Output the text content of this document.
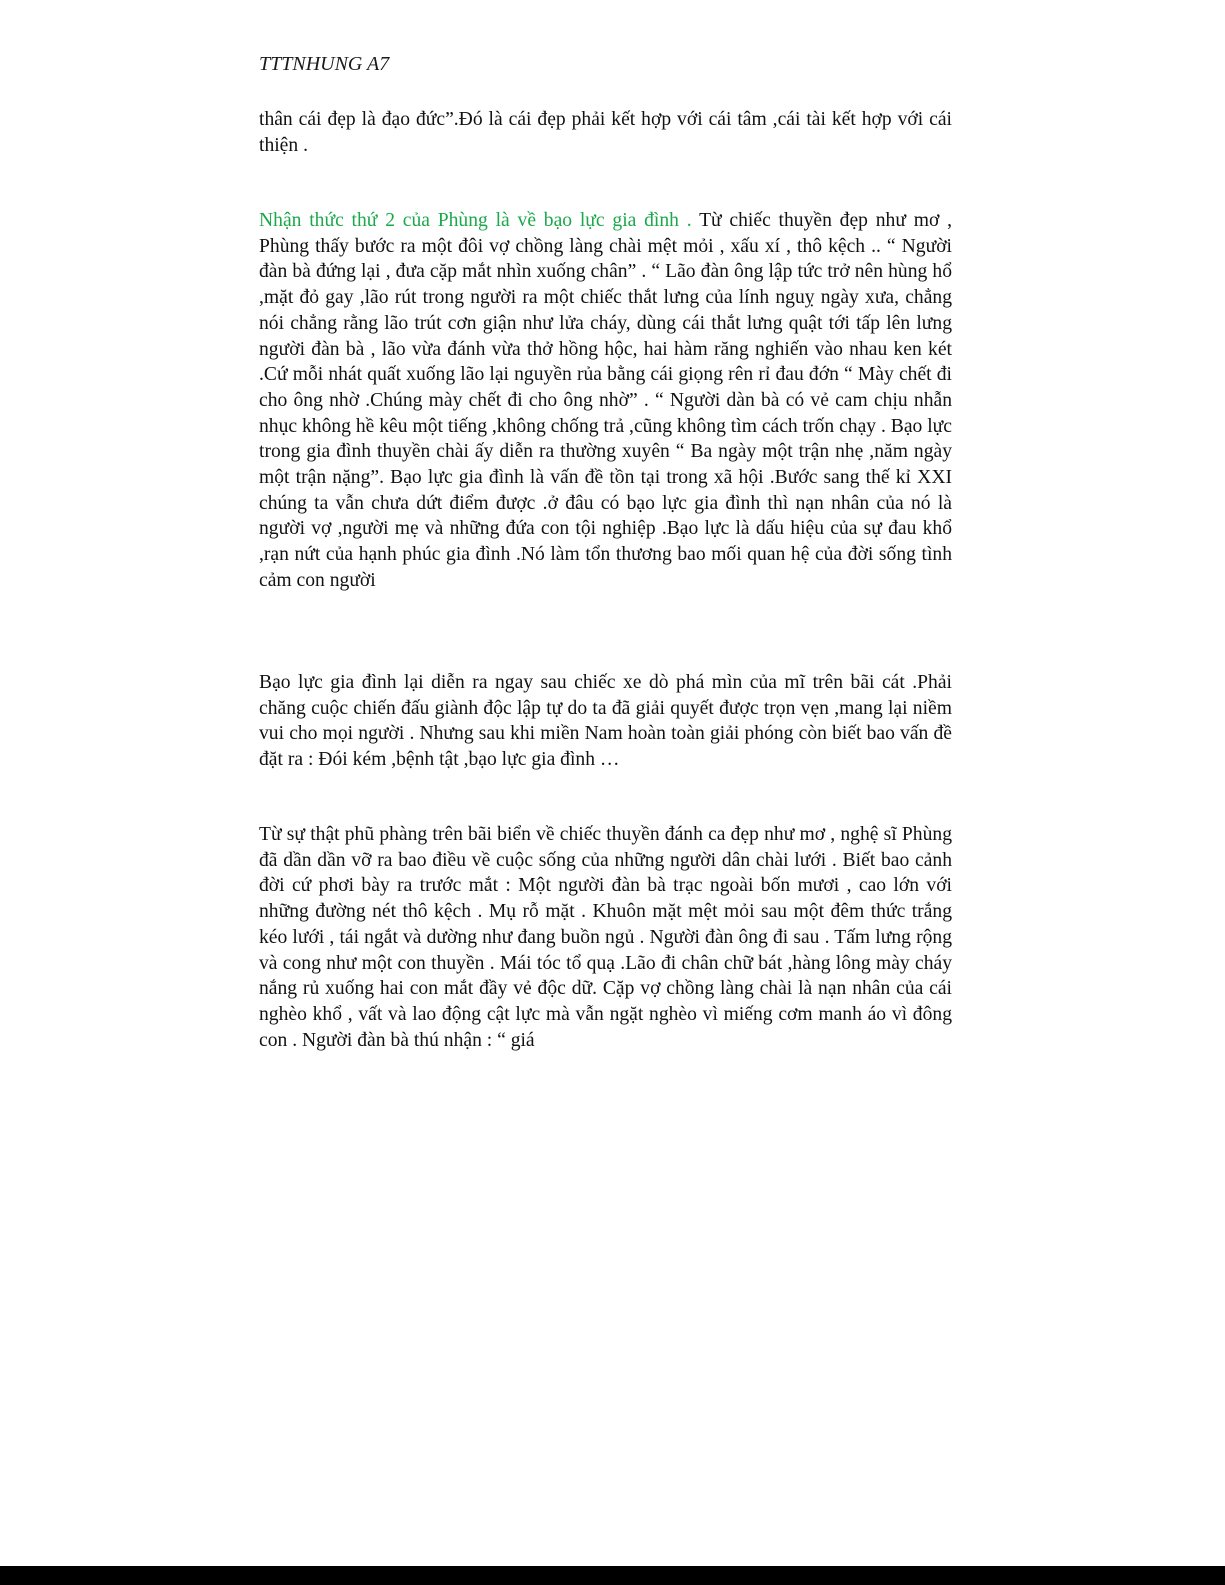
TTTNHUNG A7

thân cái đẹp là đạo đức”.Đó là cái đẹp phải kết hợp với cái tâm ,cái tài kết hợp với cái thiện .

Nhận thức thứ 2 của Phùng là về bạo lực gia đình . Từ chiếc thuyền đẹp như mơ , Phùng thấy bước ra một đôi vợ chồng làng chài mệt mỏi , xấu xí , thô kệch .. “ Người đàn bà đứng lại , đưa cặp mắt nhìn xuống chân” . “ Lão đàn ông lập tức trở nên hùng hổ ,mặt đỏ gay ,lão rút trong người ra một chiếc thắt lưng của lính nguỵ ngày xưa, chẳng nói chẳng rằng lão trút cơn giận như lửa cháy, dùng cái thắt lưng quật tới tấp lên lưng người đàn bà , lão vừa đánh vừa thở hồng hộc, hai hàm răng nghiến vào nhau ken két .Cứ mỗi nhát quất xuống lão lại nguyền rủa bằng cái giọng rên rỉ đau đớn “ Mày chết đi cho ông nhờ .Chúng mày chết đi cho ông nhờ” . “ Người dàn bà có vẻ cam chịu nhẫn nhục không hề kêu một tiếng ,không chống trả ,cũng không tìm cách trốn chạy . Bạo lực trong gia đình thuyền chài ấy diễn ra thường xuyên “ Ba ngày một trận nhẹ ,năm ngày một trận nặng”. Bạo lực gia đình là vấn đề tồn tại trong xã hội .Bước sang thế kỉ XXI chúng ta vẫn chưa dứt điểm được .ở đâu có bạo lực gia đình thì nạn nhân của nó là người vợ ,người mẹ và những đứa con tội nghiệp .Bạo lực là dấu hiệu của sự đau khổ ,rạn nứt của hạnh phúc gia đình .Nó làm tổn thương bao mối quan hệ của đời sống tình cảm con người

Bạo lực gia đình lại diễn ra ngay sau chiếc xe dò phá mìn của mĩ trên bãi cát .Phải chăng cuộc chiến đấu giành độc lập tự do ta đã giải quyết được trọn vẹn ,mang lại niềm vui cho mọi người . Nhưng sau khi miền Nam hoàn toàn giải phóng còn biết bao vấn đề đặt ra : Đói kém ,bệnh tật ,bạo lực gia đình …

Từ sự thật phũ phàng trên bãi biển về chiếc thuyền đánh ca đẹp như mơ , nghệ sĩ Phùng đã dần dần vỡ ra bao điều về cuộc sống của những người dân chài lưới . Biết bao cảnh đời cứ phơi bày ra trước mắt : Một người đàn bà trạc ngoài bốn mươi , cao lớn với những đường nét thô kệch . Mụ rỗ mặt . Khuôn mặt mệt mỏi sau một đêm thức trắng kéo lưới , tái ngắt và dường như đang buồn ngủ . Người đàn ông đi sau . Tấm lưng rộng và cong như một con thuyền . Mái tóc tổ quạ .Lão đi chân chữ bát ,hàng lông mày cháy nắng rủ xuống hai con mắt đầy vẻ độc dữ. Cặp vợ chồng làng chài là nạn nhân của cái nghèo khổ , vất và lao động cật lực mà vẫn ngặt nghèo vì miếng cơm manh áo vì đông con . Người đàn bà thú nhận : “ giá
